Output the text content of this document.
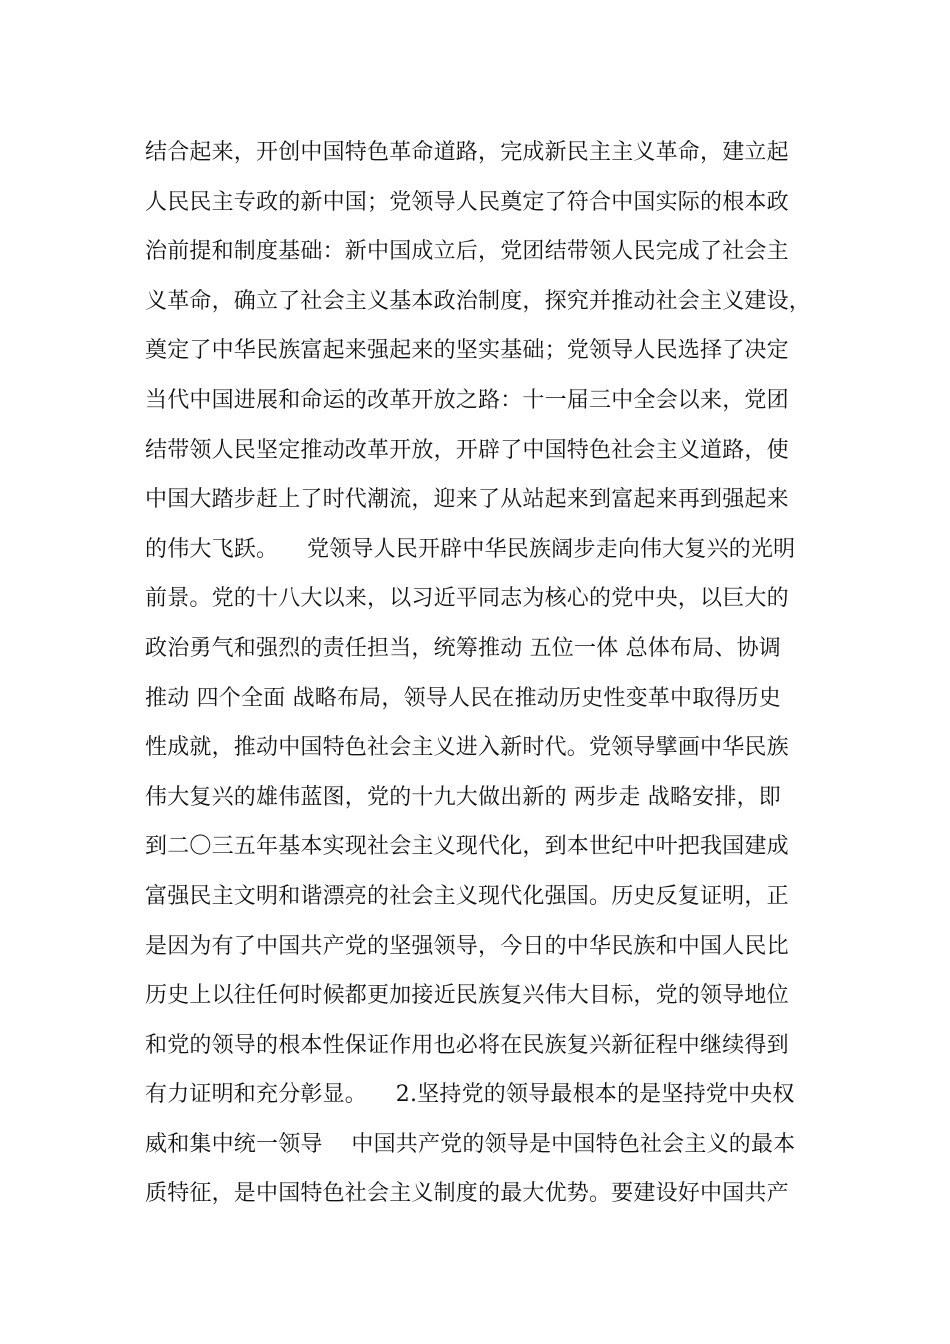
结合起来，开创中国特色革命道路，完成新民主主义革命，建立起
人民民主专政的新中国；党领导人民奠定了符合中国实际的根本政
治前提和制度基础：新中国成立后，党团结带领人民完成了社会主
义革命，确立了社会主义基本政治制度，探究并推动社会主义建设，
奠定了中华民族富起来强起来的坚实基础；党领导人民选择了决定
当代中国进展和命运的改革开放之路：十一届三中全会以来，党团
结带领人民坚定推动改革开放，开辟了中国特色社会主义道路，使
中国大踏步赶上了时代潮流，迎来了从站起来到富起来再到强起来
的伟大飞跃。    党领导人民开辟中华民族阔步走向伟大复兴的光明
前景。党的十八大以来，以习近平同志为核心的党中央，以巨大的
政治勇气和强烈的责任担当，统筹推动 五位一体 总体布局、协调
推动 四个全面 战略布局，领导人民在推动历史性变革中取得历史
性成就，推动中国特色社会主义进入新时代。党领导擘画中华民族
伟大复兴的雄伟蓝图，党的十九大做出新的 两步走 战略安排，即
到二〇三五年基本实现社会主义现代化，到本世纪中叶把我国建成
富强民主文明和谐漂亮的社会主义现代化强国。历史反复证明，正
是因为有了中国共产党的坚强领导，今日的中华民族和中国人民比
历史上以往任何时候都更加接近民族复兴伟大目标，党的领导地位
和党的领导的根本性保证作用也必将在民族复兴新征程中继续得到
有力证明和充分彰显。    2.坚持党的领导最根本的是坚持党中央权
威和集中统一领导    中国共产党的领导是中国特色社会主义的最本
质特征，是中国特色社会主义制度的最大优势。要建设好中国共产
